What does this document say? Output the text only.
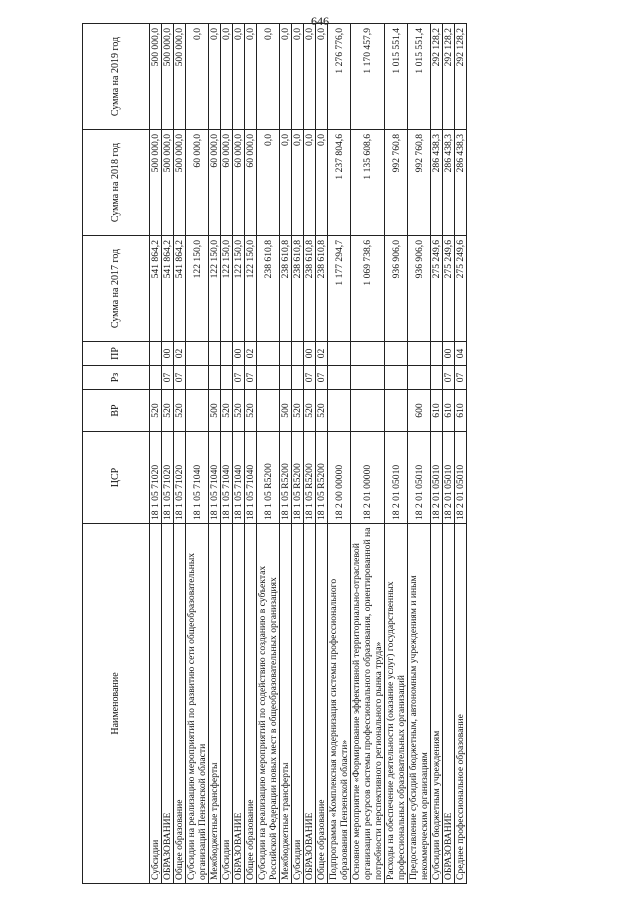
646
Наименование	ЦСР	ВР	Рз	ПР	Сумма на 2017 год	Сумма на 2018 год	Сумма на 2019 год
Субсидии	18 1 05 71020	520			541 864,2	500 000,0	500 000,0
ОБРАЗОВАНИЕ	18 1 05 71020	520	07	00	541 864,2	500 000,0	500 000,0
Общее образование	18 1 05 71020	520	07	02	541 864,2	500 000,0	500 000,0
Субсидии на реализацию мероприятий по развитию сети общеобразовательных организаций Пензенской области	18 1 05 71040				122 150,0	60 000,0	0,0
Межбюджетные трансферты	18 1 05 71040	500			122 150,0	60 000,0	0,0
Субсидии	18 1 05 71040	520			122 150,0	60 000,0	0,0
ОБРАЗОВАНИЕ	18 1 05 71040	520	07	00	122 150,0	60 000,0	0,0
Общее образование	18 1 05 71040	520	07	02	122 150,0	60 000,0	0,0
Субсидии на реализацию мероприятий по содействию созданию в субъектах Российской Федерации новых мест в общеобразовательных организациях	18 1 05 R5200				238 610,8	0,0	0,0
Межбюджетные трансферты	18 1 05 R5200	500			238 610,8	0,0	0,0
Субсидии	18 1 05 R5200	520			238 610,8	0,0	0,0
ОБРАЗОВАНИЕ	18 1 05 R5200	520	07	00	238 610,8	0,0	0,0
Общее образование	18 1 05 R5200	520	07	02	238 610,8	0,0	0,0
Подпрограмма «Комплексная модернизация системы профессионального образования Пензенской области»	18 2 00 00000				1 177 294,7	1 237 804,6	1 276 776,0
Основное мероприятие «Формирование эффективной территориально-отраслевой организации ресурсов системы профессионального образования, ориентированной на потребности перспективного регионального рынка труда»	18 2 01 00000				1 069 738,6	1 135 608,6	1 170 457,9
Расходы на обеспечение деятельности (оказание услуг) государственных профессиональных образовательных организаций	18 2 01 05010				936 906,0	992 760,8	1 015 551,4
Предоставление субсидий бюджетным, автономным учреждениям и иным некоммерческим организациям	18 2 01 05010	600			936 906,0	992 760,8	1 015 551,4
Субсидии бюджетным учреждениям	18 2 01 05010	610			275 249,6	286 438,3	292 128,2
ОБРАЗОВАНИЕ	18 2 01 05010	610	07	00	275 249,6	286 438,3	292 128,2
Среднее профессиональное образование	18 2 01 05010	610	07	04	275 249,6	286 438,3	292 128,2
